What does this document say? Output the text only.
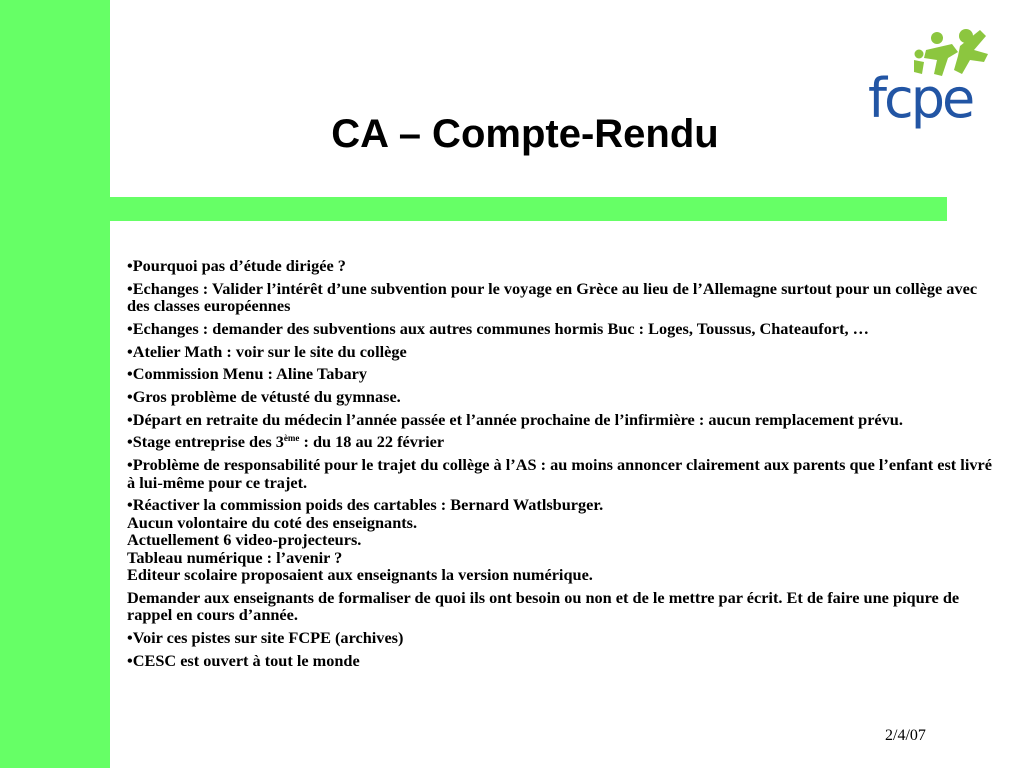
CA – Compte-Rendu
fcpe
•Pourquoi pas d’étude dirigée ?
•Echanges : Valider l’intérêt d’une subvention pour le voyage en Grèce au lieu de l’Allemagne surtout pour un collège avec des classes européennes
•Echanges : demander des subventions aux autres communes hormis Buc : Loges, Toussus, Chateaufort, …
•Atelier Math : voir sur le site du collège
•Commission Menu : Aline Tabary
•Gros problème de vétusté du gymnase.
•Départ en retraite du médecin l’année passée et l’année prochaine de l’infirmière : aucun remplacement prévu.
•Stage entreprise des 3ème : du 18 au 22 février
•Problème de responsabilité pour le trajet du collège à l’AS : au moins annoncer clairement aux parents que l’enfant est livré à lui-même pour ce trajet.
•Réactiver la commission poids des cartables : Bernard Watlsburger.
Aucun volontaire du coté des enseignants.
Actuellement 6 video-projecteurs.
Tableau numérique : l’avenir ?
Editeur scolaire proposaient aux enseignants la version numérique.
Demander aux enseignants de formaliser de quoi ils ont besoin ou non et de le mettre par écrit. Et de faire une piqure de rappel en cours d’année.
•Voir ces pistes sur site FCPE (archives)
•CESC est ouvert à tout le monde
2/4/07
